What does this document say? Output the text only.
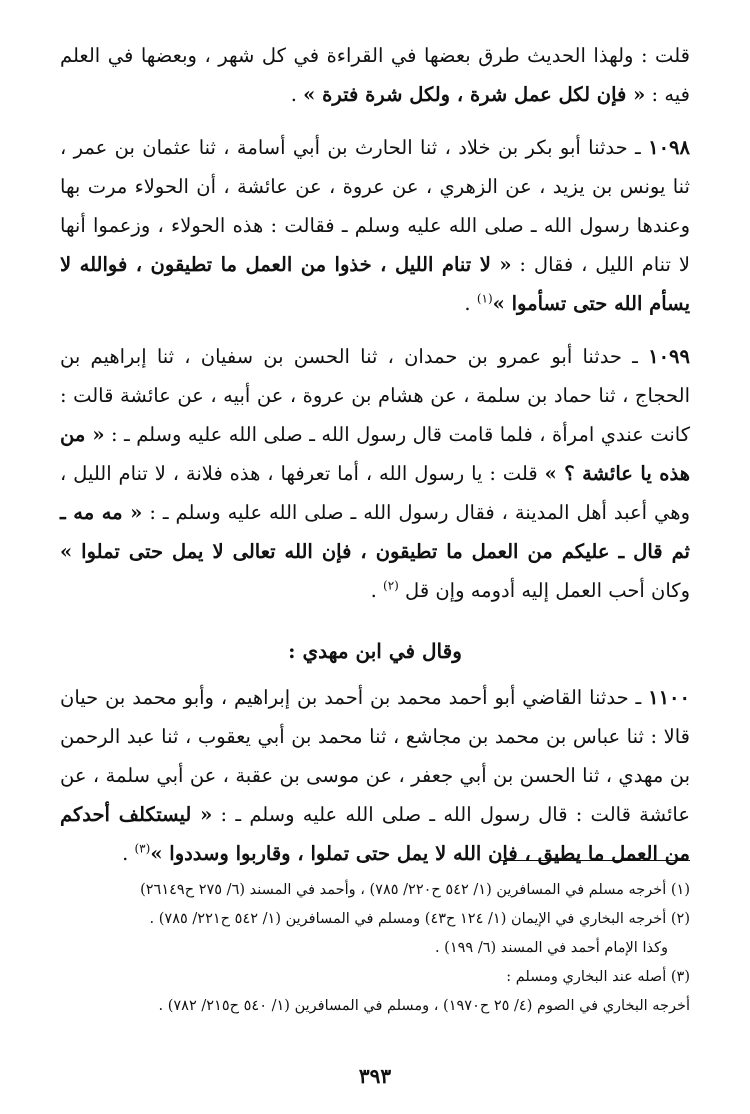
قلت : ولهذا الحديث طرق بعضها في القراءة في كل شهر ، وبعضها في العلم فيه : « فإن لكل عمل شرة ، ولكل شرة فترة » .

١٠٩٨ ـ حدثنا أبو بكر بن خلاد ، ثنا الحارث بن أبي أسامة ، ثنا عثمان بن عمر ، ثنا يونس بن يزيد ، عن الزهري ، عن عروة ، عن عائشة ، أن الحولاء مرت بها وعندها رسول الله ـ صلى الله عليه وسلم ـ فقالت : هذه الحولاء ، وزعموا أنها لا تنام الليل ، فقال : « لا تنام الليل ، خذوا من العمل ما تطيقون ، فوالله لا يسأم الله حتى تسأموا »$^{(١)}$ .

١٠٩٩ ـ حدثنا أبو عمرو بن حمدان ، ثنا الحسن بن سفيان ، ثنا إبراهيم بن الحجاج ، ثنا حماد بن سلمة ، عن هشام بن عروة ، عن أبيه ، عن عائشة قالت : كانت عندي امرأة ، فلما قامت قال رسول الله ـ صلى الله عليه وسلم ـ : « من هذه يا عائشة ؟ » قلت : يا رسول الله ، أما تعرفها ، هذه فلانة ، لا تنام الليل ، وهي أعبد أهل المدينة ، فقال رسول الله ـ صلى الله عليه وسلم ـ : « مه مه ـ ثم قال ـ عليكم من العمل ما تطيقون ، فإن الله تعالى لا يمل حتى تملوا » وكان أحب العمل إليه أدومه وإن قل $^{(٢)}$ .

وقال في ابن مهدي :

١١٠٠ ـ حدثنا القاضي أبو أحمد محمد بن أحمد بن إبراهيم ، وأبو محمد بن حيان قالا : ثنا عباس بن محمد بن مجاشع ، ثنا محمد بن أبي يعقوب ، ثنا عبد الرحمن بن مهدي ، ثنا الحسن بن أبي جعفر ، عن موسى بن عقبة ، عن أبي سلمة ، عن عائشة قالت : قال رسول الله ـ صلى الله عليه وسلم ـ : « ليستكلف أحدكم من العمل ما يطيق ، فإن الله لا يمل حتى تملوا ، وقاربوا وسددوا »$^{(٣)}$ .

(١) أخرجه مسلم في المسافرين (١/ ٥٤٢ ح٢٢٠/ ٧٨٥) ، وأحمد في المسند (٦/ ٢٧٥ ح٢٦١٤٩)

(٢) أخرجه البخاري في الإيمان (١/ ١٢٤ ح٤٣) ومسلم في المسافرين (١/ ٥٤٢ ح٢٢١/ ٧٨٥) .

وكذا الإمام أحمد في المسند (٦/ ١٩٩) .

(٣) أصله عند البخاري ومسلم :

أخرجه البخاري في الصوم (٤/ ٢٥ ح١٩٧٠) ، ومسلم في المسافرين (١/ ٥٤٠ ح٢١٥/ ٧٨٢) .

٣٩٣
